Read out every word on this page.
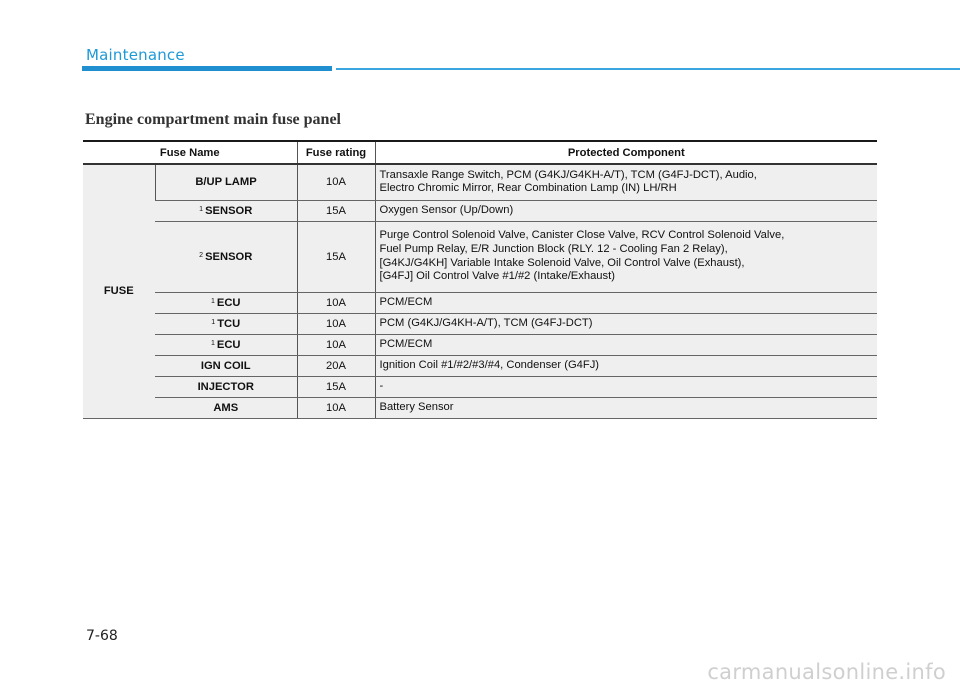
Maintenance
Engine compartment main fuse panel
Fuse Name		Fuse rating	Protected Component
FUSE	B/UP LAMP	10A	Transaxle Range Switch, PCM (G4KJ/G4KH-A/T), TCM (G4FJ-DCT), Audio,
Electro Chromic Mirror, Rear Combination Lamp (IN) LH/RH

	$^1$ SENSOR	15A	Oxygen Sensor (Up/Down)

	$^2$ SENSOR	15A	Purge Control Solenoid Valve, Canister Close Valve, RCV Control Solenoid Valve,
Fuel Pump Relay, E/R Junction Block (RLY. 12 - Cooling Fan 2 Relay),
[G4KJ/G4KH] Variable Intake Solenoid Valve, Oil Control Valve (Exhaust),
[G4FJ] Oil Control Valve #1/#2 (Intake/Exhaust)

	$^1$ ECU	10A	PCM/ECM

	$^1$ TCU	10A	PCM (G4KJ/G4KH-A/T), TCM (G4FJ-DCT)

	$^1$ ECU	10A	PCM/ECM

	IGN COIL	20A	Ignition Coil #1/#2/#3/#4, Condenser (G4FJ)

	INJECTOR	15A	-

	AMS	10A	Battery Sensor
7-68
carmanualsonline.info
